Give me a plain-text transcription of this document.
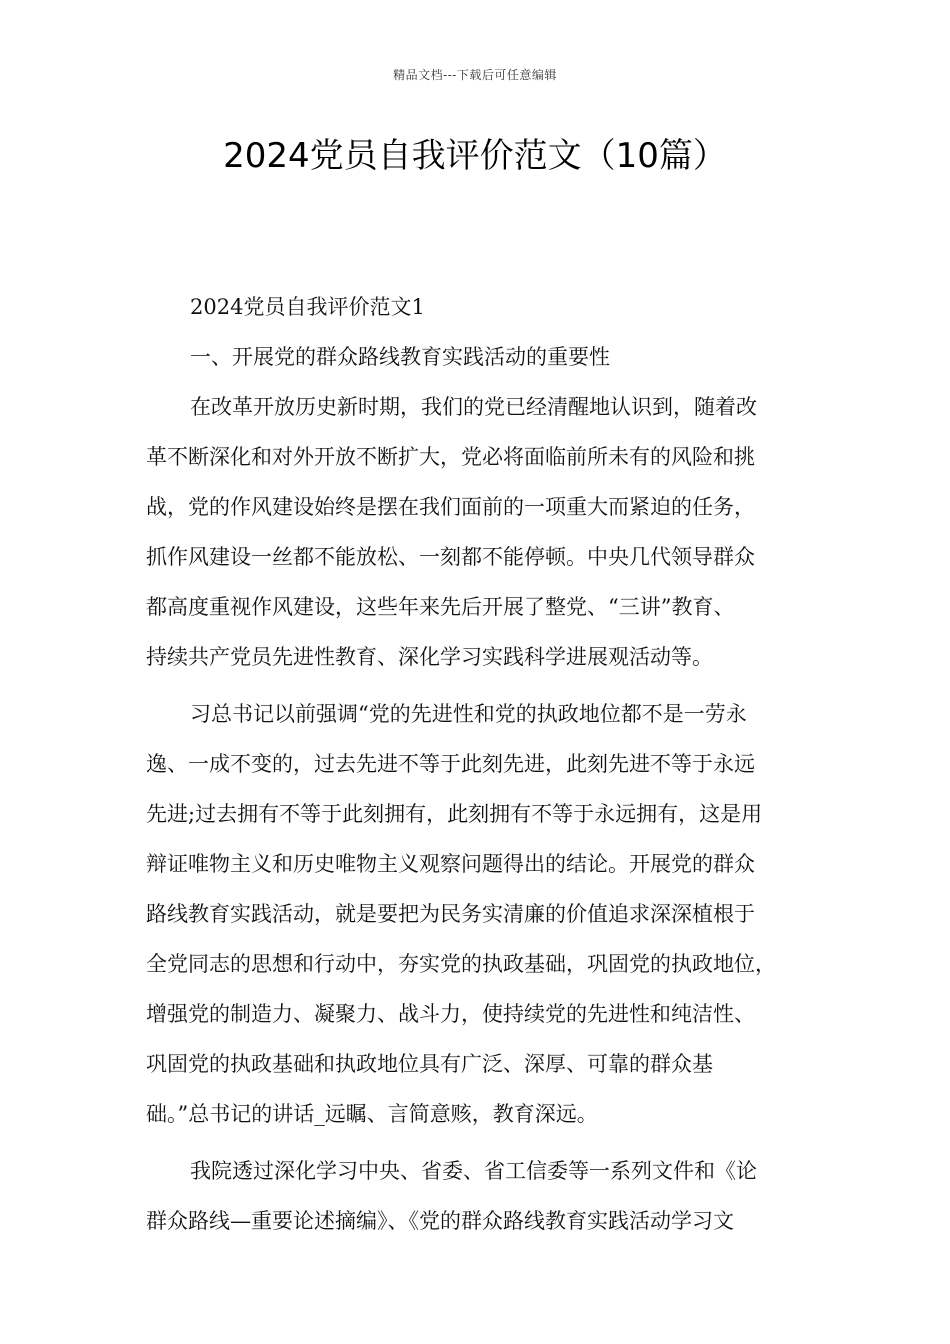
精品文档---下载后可任意编辑
2024党员自我评价范文（10篇）
2024党员自我评价范文1
一、开展党的群众路线教育实践活动的重要性
在改革开放历史新时期，我们的党已经清醒地认识到，随着改
革不断深化和对外开放不断扩大，党必将面临前所未有的风险和挑
战，党的作风建设始终是摆在我们面前的一项重大而紧迫的任务，
抓作风建设一丝都不能放松、一刻都不能停顿。中央几代领导群众
都高度重视作风建设，这些年来先后开展了整党、“三讲”教育、
持续共产党员先进性教育、深化学习实践科学进展观活动等。
习总书记以前强调“党的先进性和党的执政地位都不是一劳永
逸、一成不变的，过去先进不等于此刻先进，此刻先进不等于永远
先进;过去拥有不等于此刻拥有，此刻拥有不等于永远拥有，这是用
辩证唯物主义和历史唯物主义观察问题得出的结论。开展党的群众
路线教育实践活动，就是要把为民务实清廉的价值追求深深植根于
全党同志的思想和行动中，夯实党的执政基础，巩固党的执政地位，
增强党的制造力、凝聚力、战斗力，使持续党的先进性和纯洁性、
巩固党的执政基础和执政地位具有广泛、深厚、可靠的群众基
础。”总书记的讲话_远瞩、言简意赅，教育深远。
我院透过深化学习中央、省委、省工信委等一系列文件和《论
群众路线—重要论述摘编》、《党的群众路线教育实践活动学习文
